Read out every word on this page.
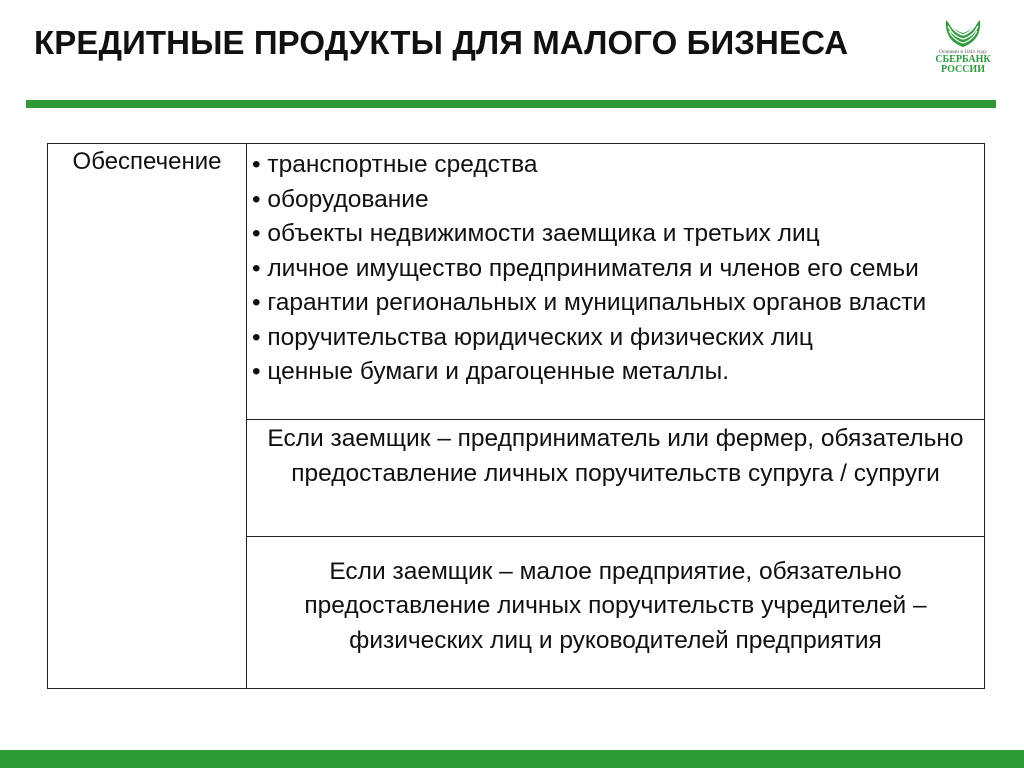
КРЕДИТНЫЕ ПРОДУКТЫ ДЛЯ МАЛОГО БИЗНЕСА	Основан в 1841 году
СБЕРБАНК
РОССИИ
Обеспечение	• транспортные средства
• оборудование
• объекты недвижимости заемщика и третьих лиц
• личное имущество предпринимателя и членов его семьи
• гарантии региональных и муниципальных органов власти
• поручительства юридических и физических лиц
• ценные бумаги и драгоценные металлы.

Если заемщик – предприниматель или фермер, обязательно предоставление личных поручительств супруга / супруги

Если заемщик – малое предприятие, обязательно предоставление личных поручительств учредителей – физических лиц и руководителей предприятия
